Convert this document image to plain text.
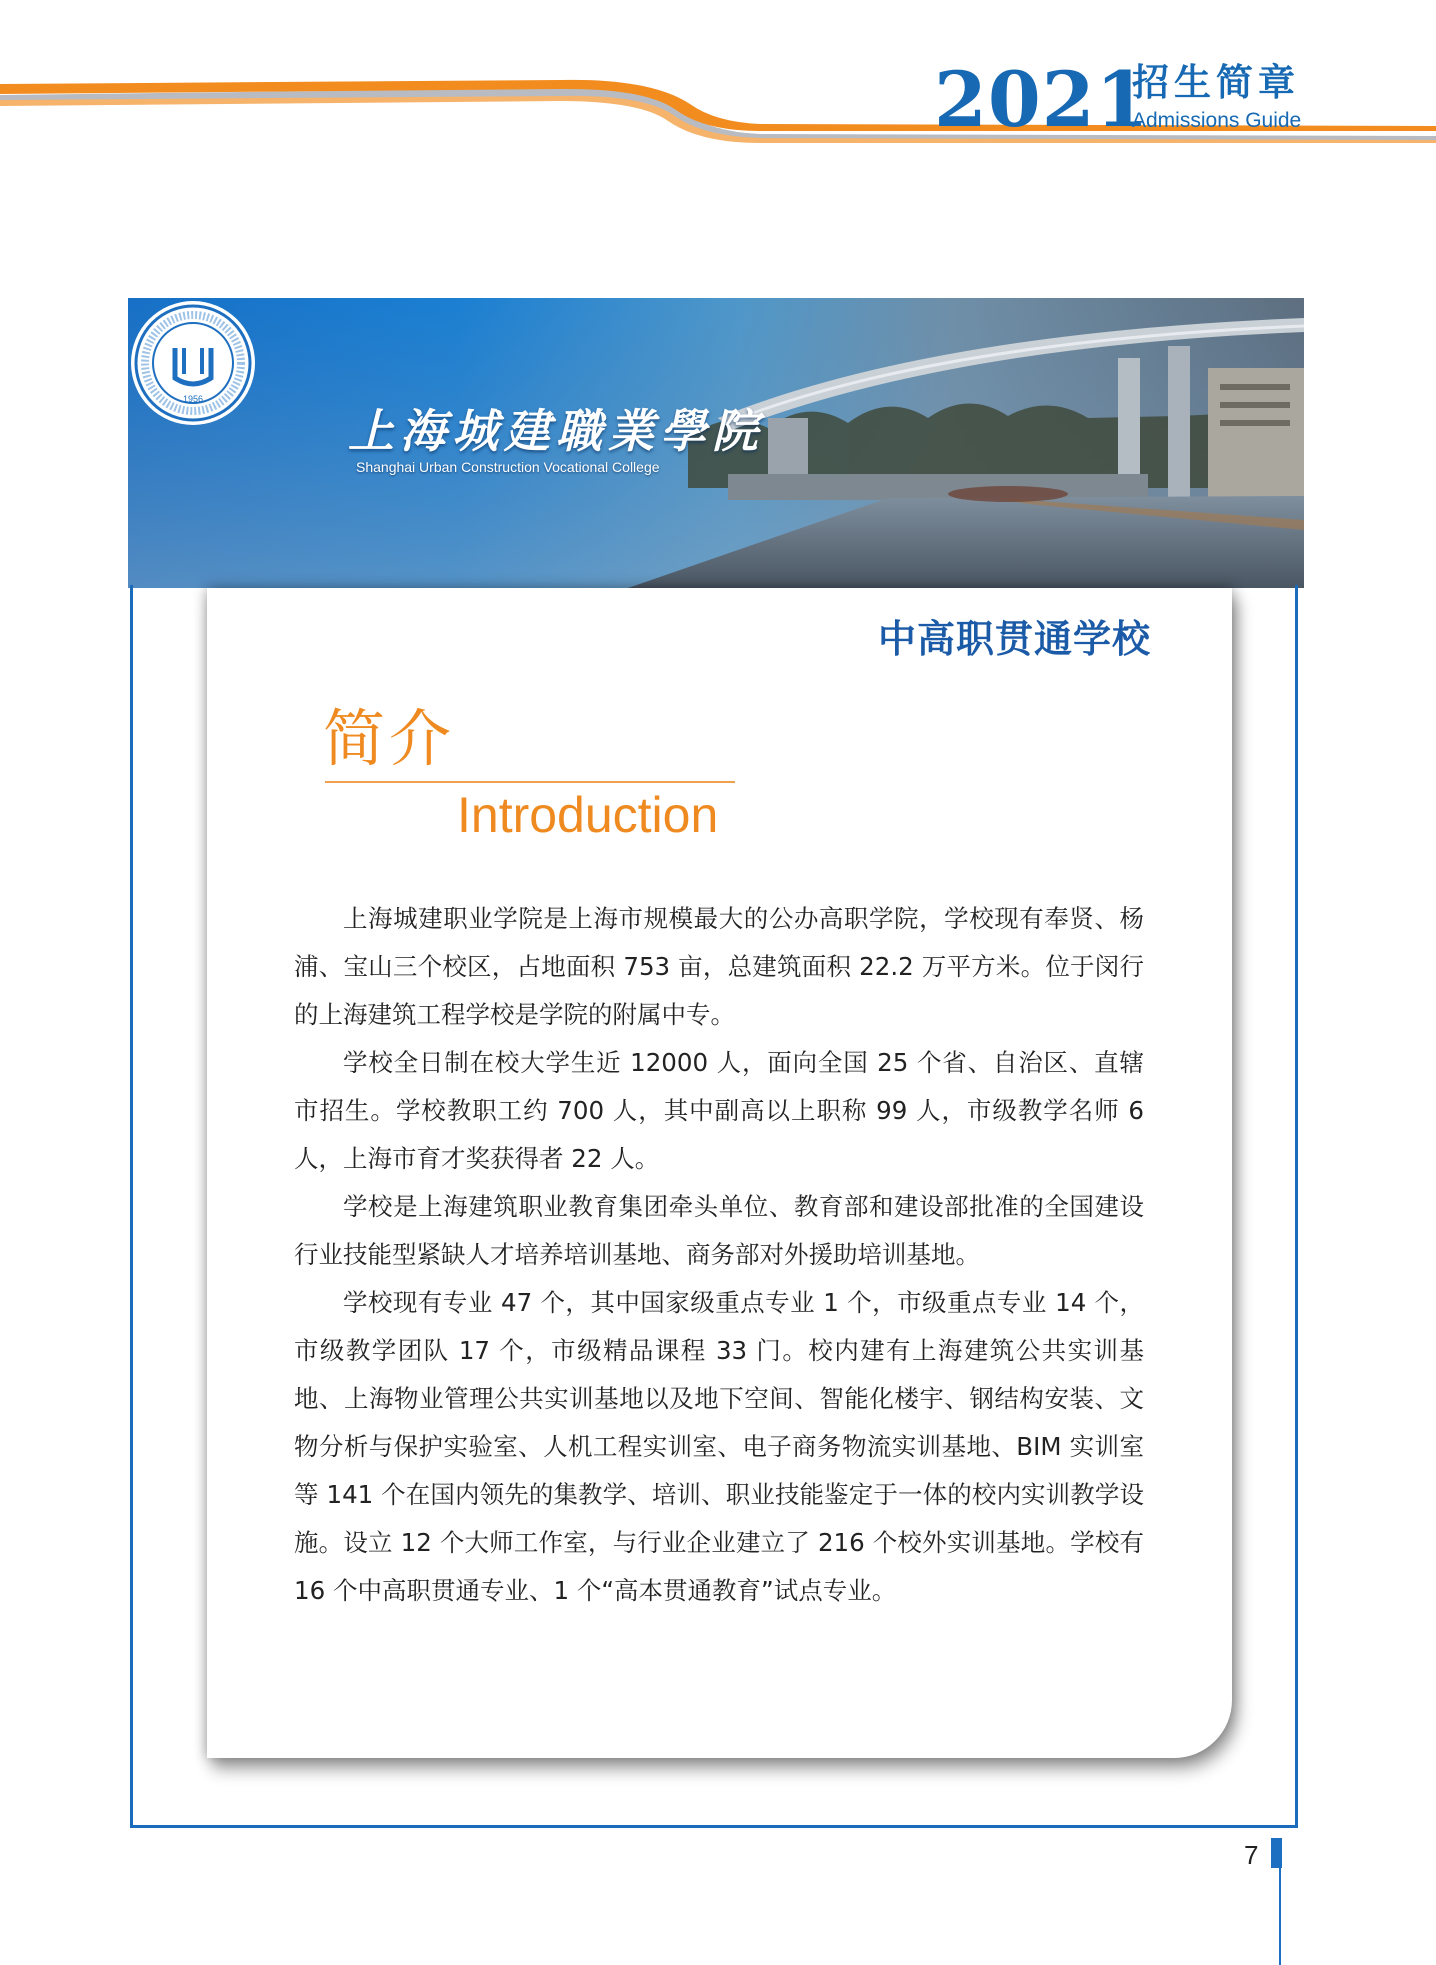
2021
招生简章
Admissions Guide
1956
上海城建職業學院
Shanghai Urban Construction Vocational College
中高职贯通学校
简介
Introduction

上海城建职业学院是上海市规模最大的公办高职学院，学校现有奉贤、杨浦、宝山三个校区，占地面积 753 亩，总建筑面积 22.2 万平方米。位于闵行的上海建筑工程学校是学院的附属中专。

学校全日制在校大学生近 12000 人，面向全国 25 个省、自治区、直辖市招生。学校教职工约 700 人，其中副高以上职称 99 人，市级教学名师 6 人，上海市育才奖获得者 22 人。

学校是上海建筑职业教育集团牵头单位、教育部和建设部批准的全国建设行业技能型紧缺人才培养培训基地、商务部对外援助培训基地。

学校现有专业 47 个，其中国家级重点专业 1 个，市级重点专业 14 个，市级教学团队 17 个，市级精品课程 33 门。校内建有上海建筑公共实训基地、上海物业管理公共实训基地以及地下空间、智能化楼宇、钢结构安装、文物分析与保护实验室、人机工程实训室、电子商务物流实训基地、BIM 实训室等 141 个在国内领先的集教学、培训、职业技能鉴定于一体的校内实训教学设施。设立 12 个大师工作室，与行业企业建立了 216 个校外实训基地。学校有 16 个中高职贯通专业、1 个“高本贯通教育”试点专业。

7
